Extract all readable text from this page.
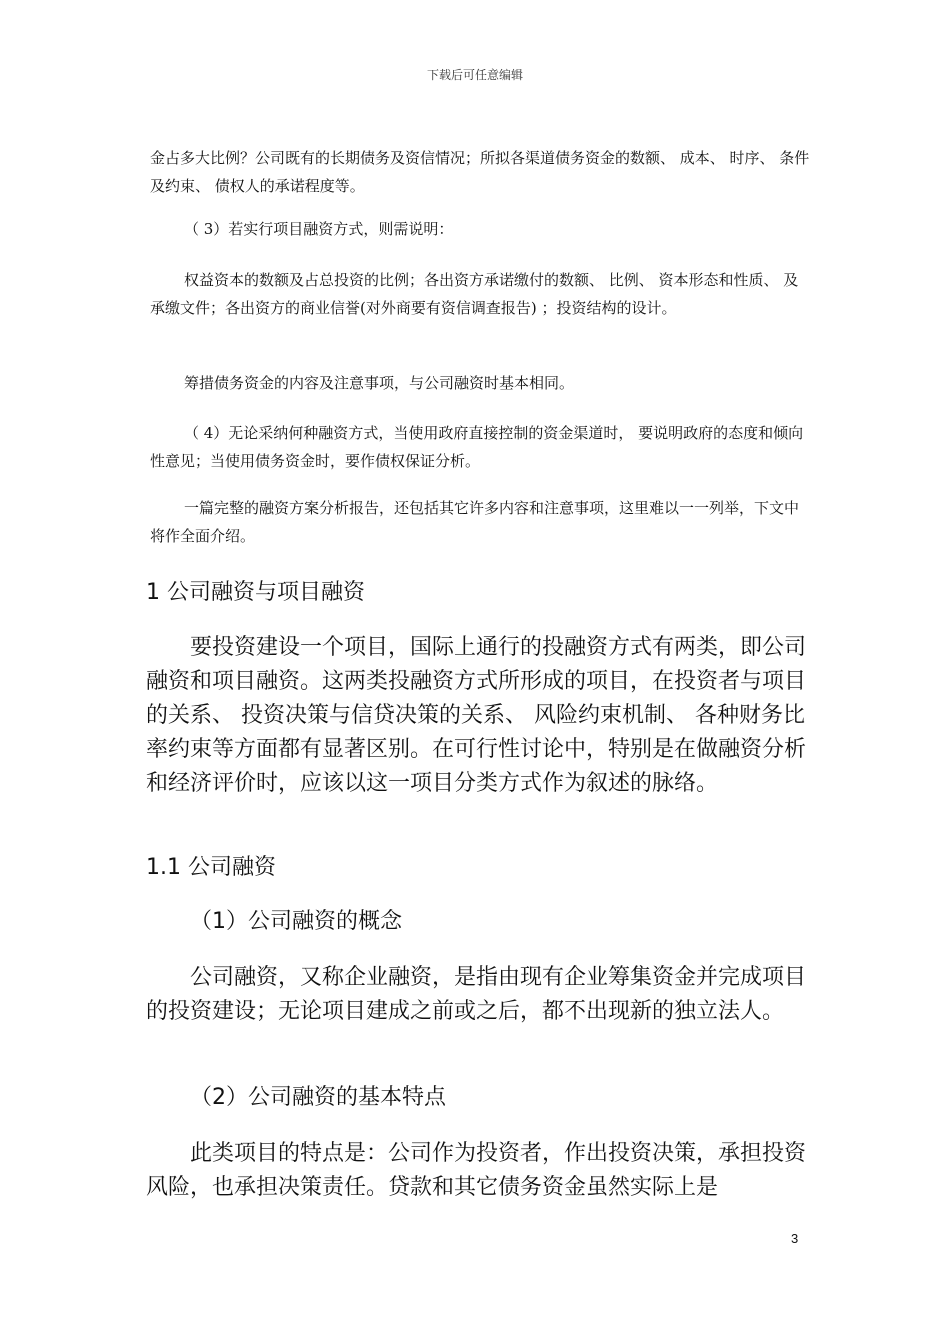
下载后可任意编辑

金占多大比例？公司既有的长期债务及资信情况；所拟各渠道债务资金的数额、 成本、 时序、 条件及约束、 债权人的承诺程度等。

（ 3）若实行项目融资方式，则需说明：

权益资本的数额及占总投资的比例；各出资方承诺缴付的数额、 比例、 资本形态和性质、 及承缴文件；各出资方的商业信誉(对外商要有资信调查报告) ；投资结构的设计。

筹措债务资金的内容及注意事项，与公司融资时基本相同。

（ 4）无论采纳何种融资方式，当使用政府直接控制的资金渠道时， 要说明政府的态度和倾向性意见；当使用债务资金时，要作债权保证分析。

一篇完整的融资方案分析报告，还包括其它许多内容和注意事项，这里难以一一列举，下文中将作全面介绍。

1 公司融资与项目融资

要投资建设一个项目，国际上通行的投融资方式有两类，即公司融资和项目融资。这两类投融资方式所形成的项目，在投资者与项目的关系、 投资决策与信贷决策的关系、 风险约束机制、 各种财务比率约束等方面都有显著区别。在可行性讨论中，特别是在做融资分析和经济评价时，应该以这一项目分类方式作为叙述的脉络。

1.1 公司融资

（1）公司融资的概念

公司融资，又称企业融资，是指由现有企业筹集资金并完成项目的投资建设；无论项目建成之前或之后，都不出现新的独立法人。

（2）公司融资的基本特点

此类项目的特点是：公司作为投资者，作出投资决策，承担投资风险，也承担决策责任。贷款和其它债务资金虽然实际上是

3
